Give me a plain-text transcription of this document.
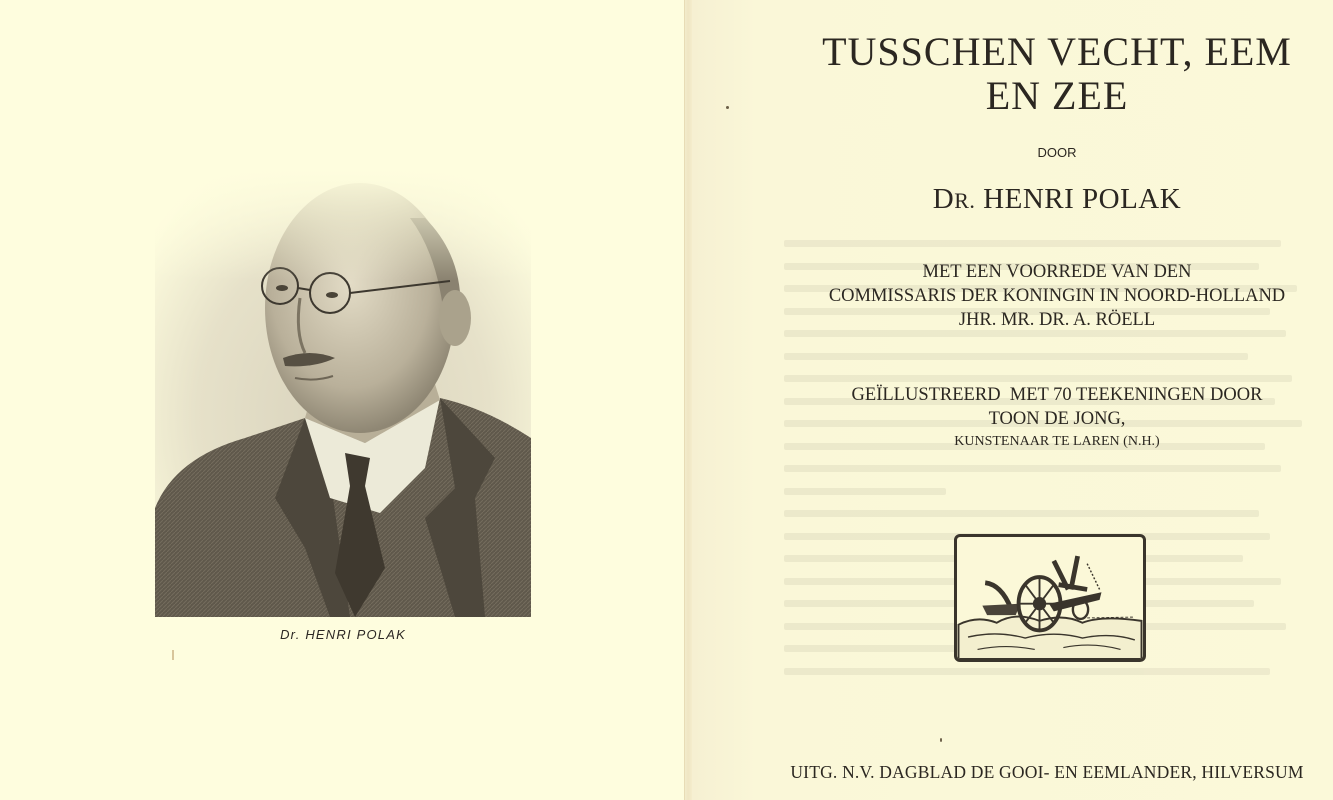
Dr. HENRI POLAK
TUSSCHEN VECHT, EEM
EN ZEE
DOOR
DR. HENRI POLAK
MET EEN VOORREDE VAN DEN
COMMISSARIS DER KONINGIN IN NOORD-HOLLAND
JHR. MR. DR. A. RÖELL
GEÏLLUSTREERD  MET 70 TEEKENINGEN DOOR
TOON DE JONG,
KUNSTENAAR TE LAREN (N.H.)
UITG. N.V. DAGBLAD DE GOOI- EN EEMLANDER, HILVERSUM
